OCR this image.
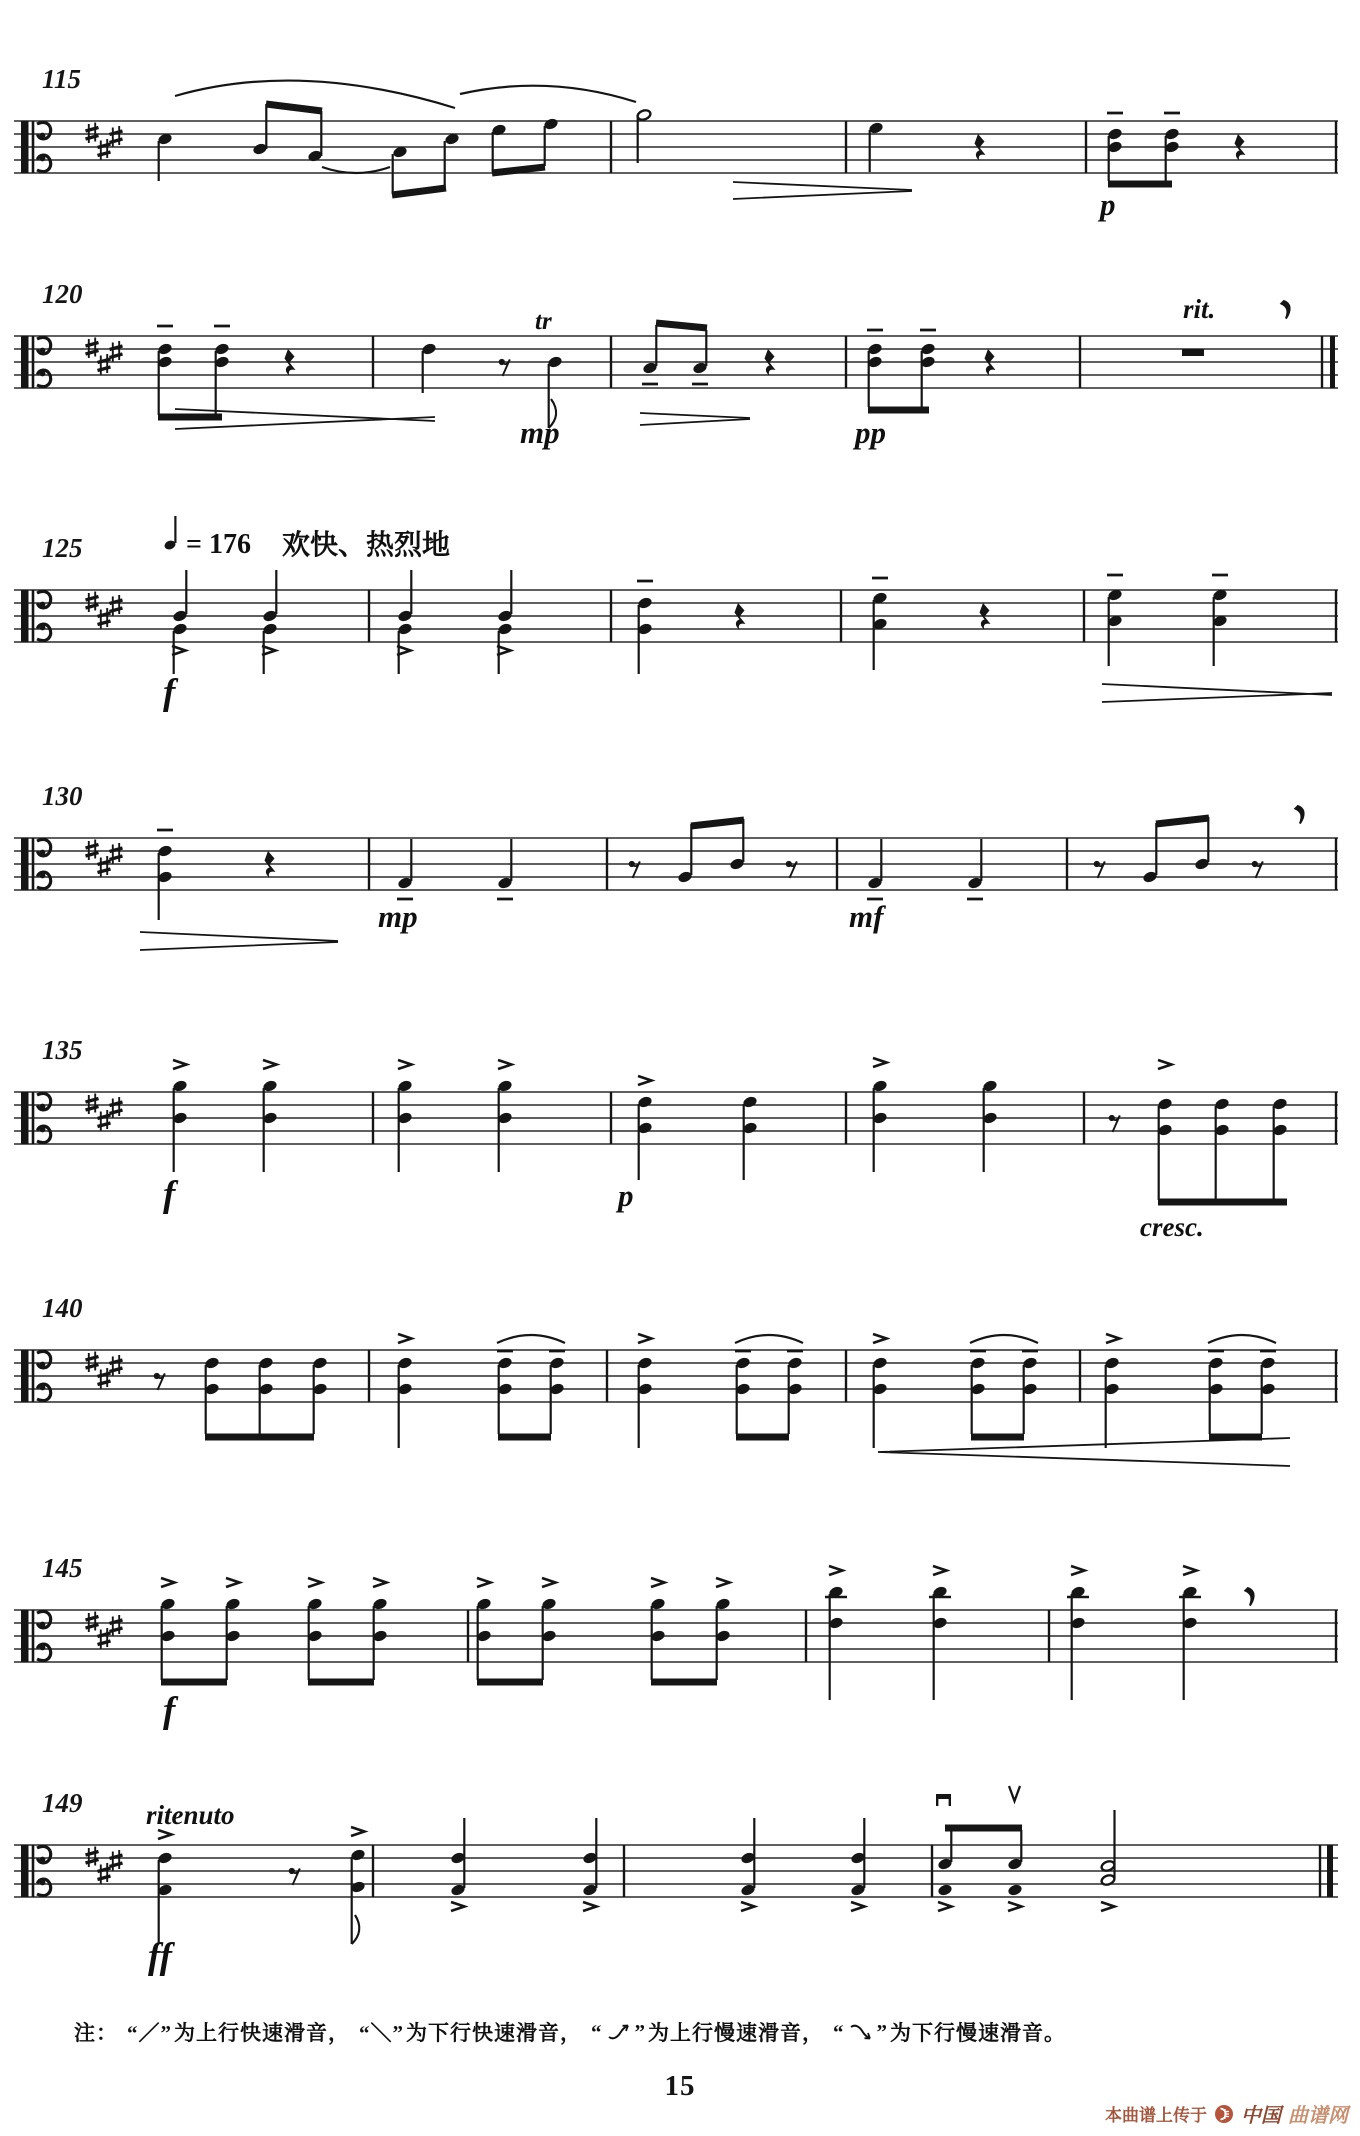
115
p
120
tr
mp	pp
rit.
125	= 176 欢快、热烈地
f
130
mp	mf
135
f	p
cresc.
140
145
f
149 ritenuto
ff
注： “／” 为上行快速滑音， “＼” 为下行快速滑音， “ ” 为上行慢速滑音， “ ” 为下行慢速滑音。
15
本曲谱上传于 中国 曲谱网
